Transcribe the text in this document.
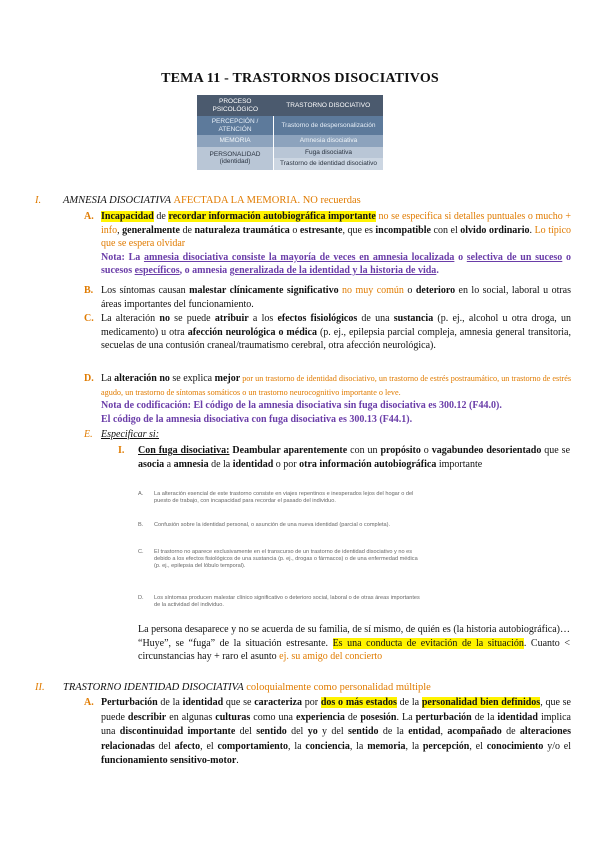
TEMA 11 - TRASTORNOS DISOCIATIVOS
PROCESO PSICOLÓGICO	TRASTORNO DISOCIATIVO
PERCEPCIÓN / ATENCIÓN	Trastorno de despersonalización
MEMORIA	Amnesia disociativa
PERSONALIDAD (identidad)	Fuga disociativa
	Trastorno de identidad disociativo
I. AMNESIA DISOCIATIVA AFECTADA LA MEMORIA. NO recuerdas
A. Incapacidad de recordar información autobiográfica importante no se especifica si detalles puntuales o mucho + info, generalmente de naturaleza traumática o estresante, que es incompatible con el olvido ordinario. Lo típico que se espera olvidar
Nota: La amnesia disociativa consiste la mayoría de veces en amnesia localizada o selectiva de un suceso o sucesos específicos, o amnesia generalizada de la identidad y la historia de vida.
B. Los síntomas causan malestar clínicamente significativo no muy común o deterioro en lo social, laboral u otras áreas importantes del funcionamiento.
C. La alteración no se puede atribuir a los efectos fisiológicos de una sustancia (p. ej., alcohol u otra droga, un medicamento) u otra afección neurológica o médica (p. ej., epilepsia parcial compleja, amnesia general transitoria, secuelas de una contusión craneal/traumatismo cerebral, otra afección neurológica).
D. La alteración no se explica mejor por un trastorno de identidad disociativo, un trastorno de estrés postraumático, un trastorno de estrés agudo, un trastorno de síntomas somáticos o un trastorno neurocognitivo importante o leve.
Nota de codificación: El código de la amnesia disociativa sin fuga disociativa es 300.12 (F44.0).
El código de la amnesia disociativa con fuga disociativa es 300.13 (F44.1).
E. Especificar si:
I. Con fuga disociativa: Deambular aparentemente con un propósito o vagabundeo desorientado que se asocia a amnesia de la identidad o por otra información autobiográfica importante
A. La alteración esencial de este trastorno consiste en viajes repentinos e inesperados lejos del hogar o del puesto de trabajo, con incapacidad para recordar el pasado del individuo.
B. Confusión sobre la identidad personal, o asunción de una nueva identidad (parcial o completa).
C. El trastorno no aparece exclusivamente en el transcurso de un trastorno de identidad disociativo y no es debido a los efectos fisiológicos de una sustancia (p. ej., drogas o fármacos) o de una enfermedad médica (p. ej., epilepsia del lóbulo temporal).
D. Los síntomas producen malestar clínico significativo o deterioro social, laboral o de otras áreas importantes de la actividad del individuo.
La persona desaparece y no se acuerda de su familia, de sí mismo, de quién es (la historia autobiográfica)… “Huye”, se “fuga” de la situación estresante. Es una conducta de evitación de la situación. Cuanto < circunstancias hay + raro el asunto ej. su amigo del concierto
II. TRASTORNO IDENTIDAD DISOCIATIVA coloquialmente como personalidad múltiple
A. Perturbación de la identidad que se caracteriza por dos o más estados de la personalidad bien definidos, que se puede describir en algunas culturas como una experiencia de posesión. La perturbación de la identidad implica una discontinuidad importante del sentido del yo y del sentido de la entidad, acompañado de alteraciones relacionadas del afecto, el comportamiento, la conciencia, la memoria, la percepción, el conocimiento y/o el funcionamiento sensitivo-motor.
